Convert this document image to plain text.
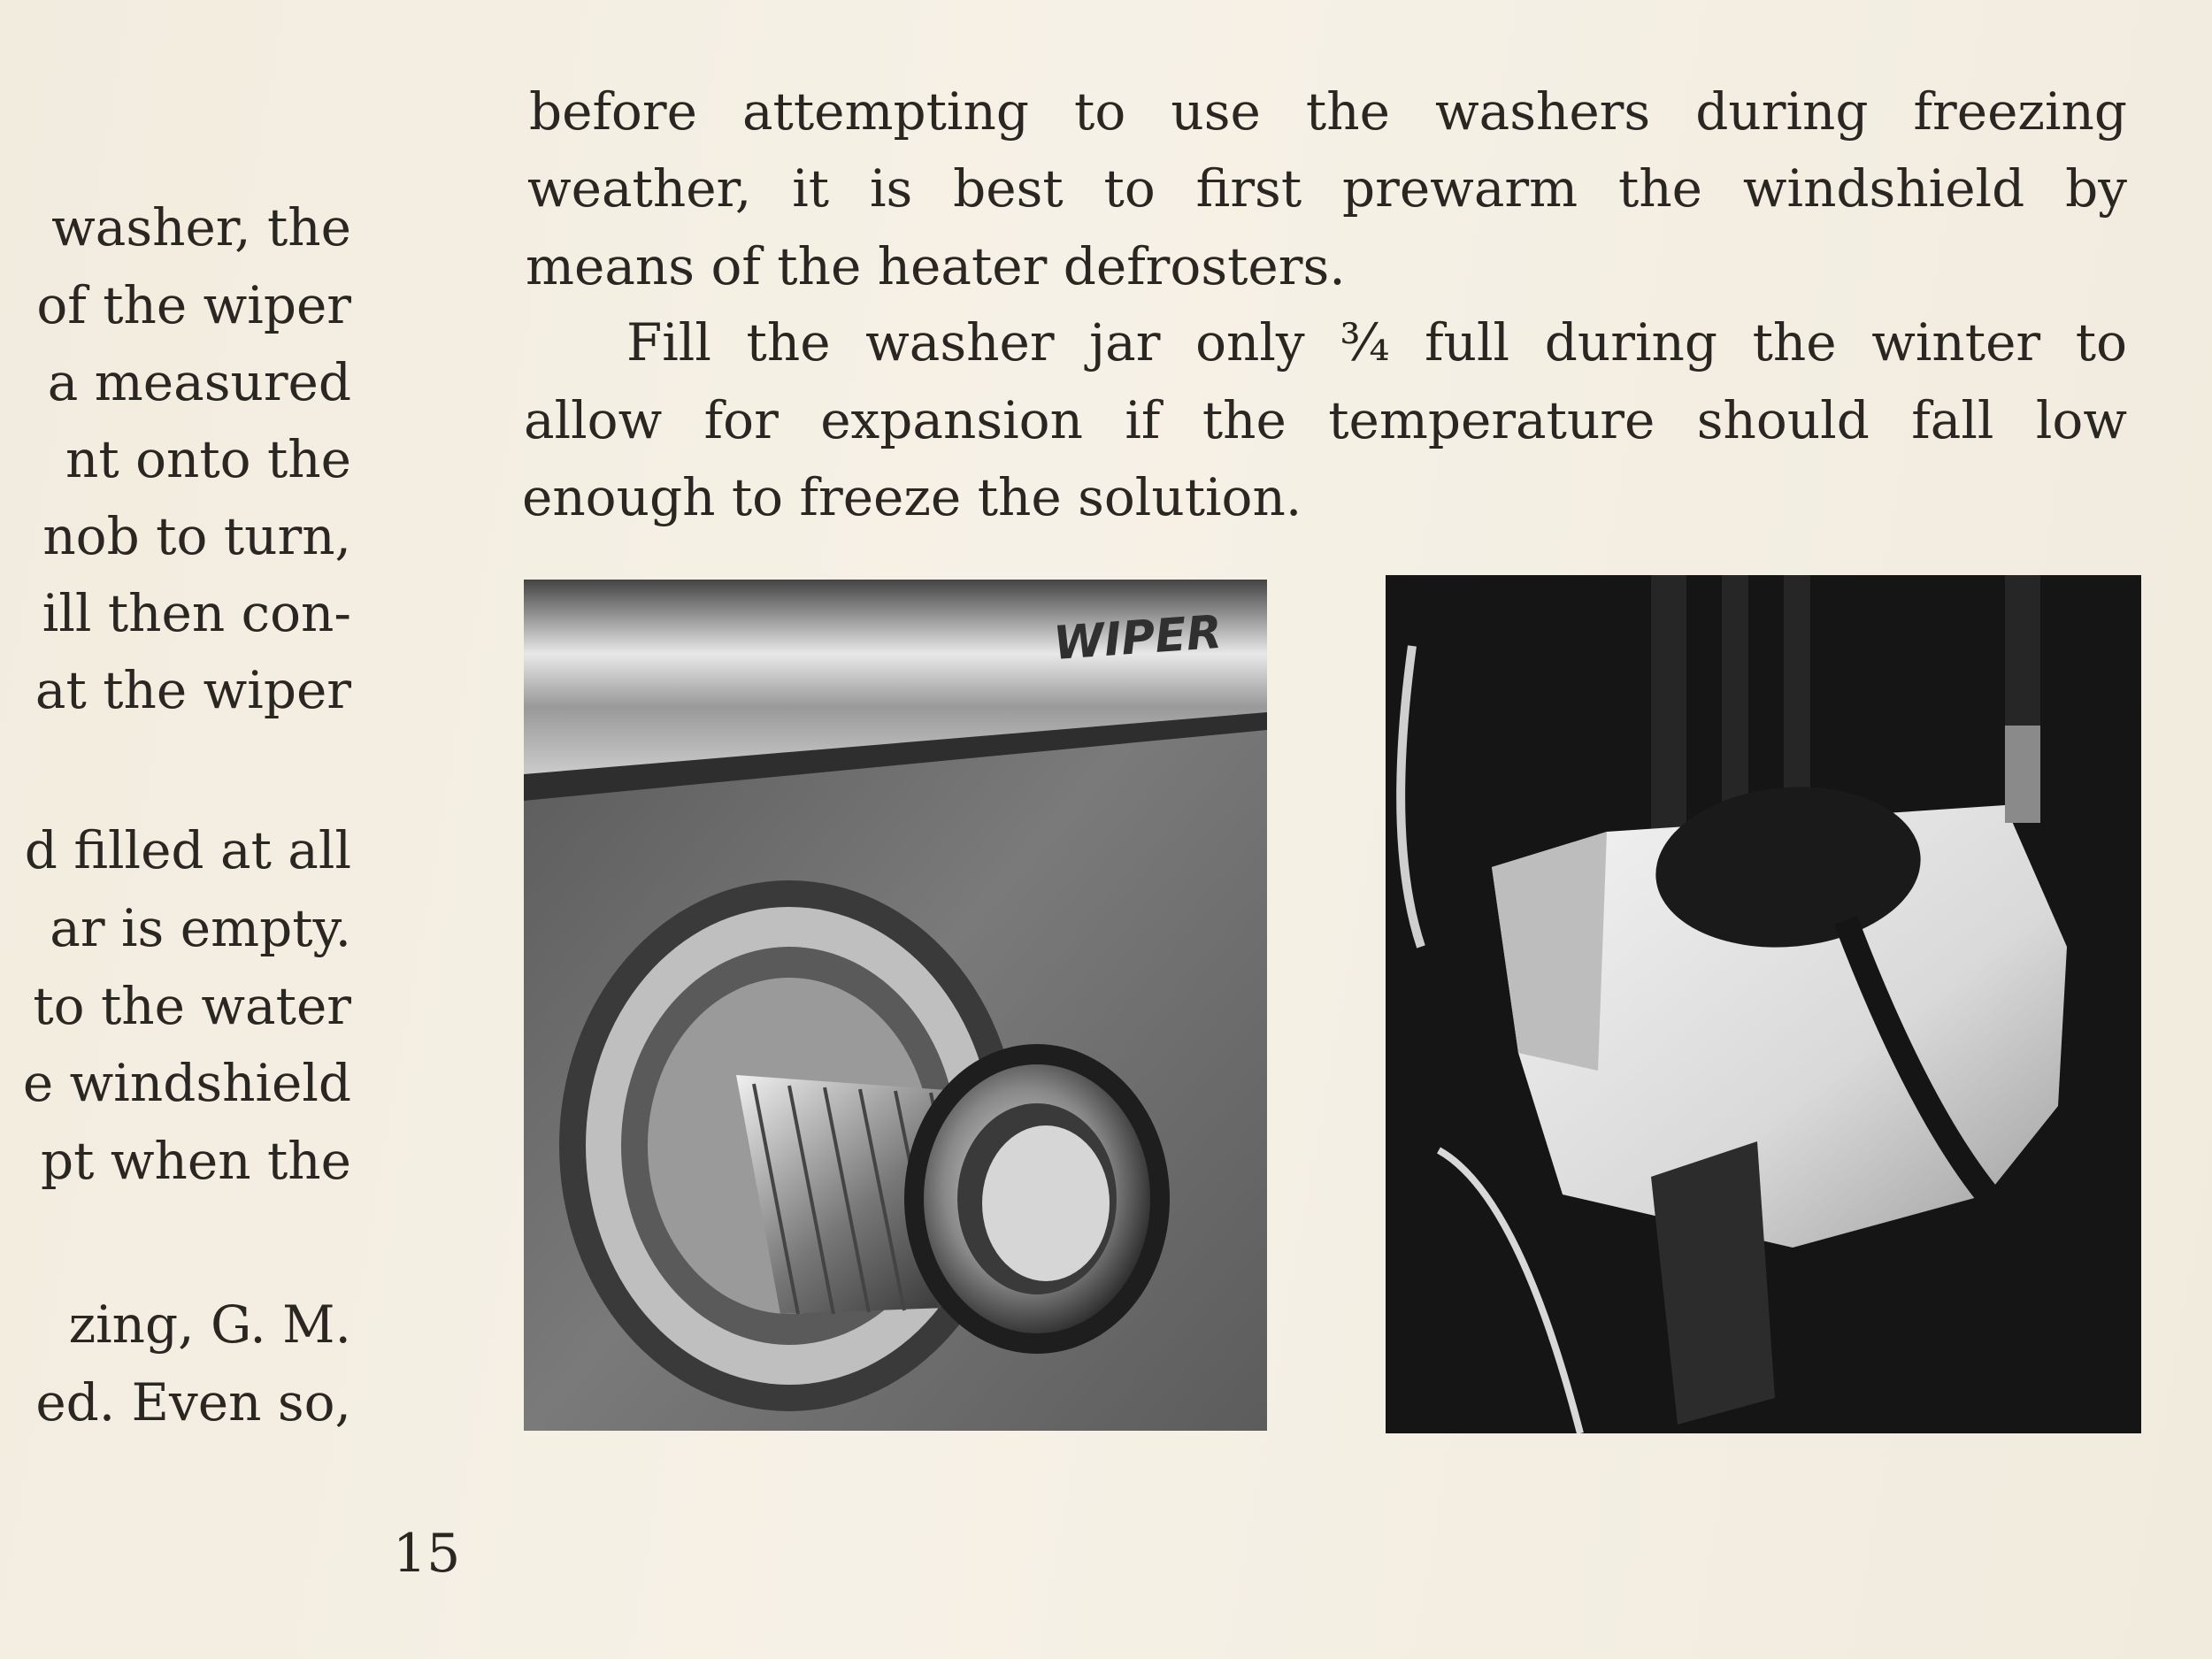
washer, the

of the wiper

a measured

nt onto the

nob to turn,

ill then con-

at the wiper

d filled at all

ar is empty.

to the water

e windshield

pt when the

zing, G. M.

ed. Even so,

before attempting to use the washers during freezing

weather, it is best to first prewarm the windshield by

means of the heater defrosters.

Fill the washer jar only ¾ full during the winter to

allow for expansion if the temperature should fall low

enough to freeze the solution.

WIPER
15
